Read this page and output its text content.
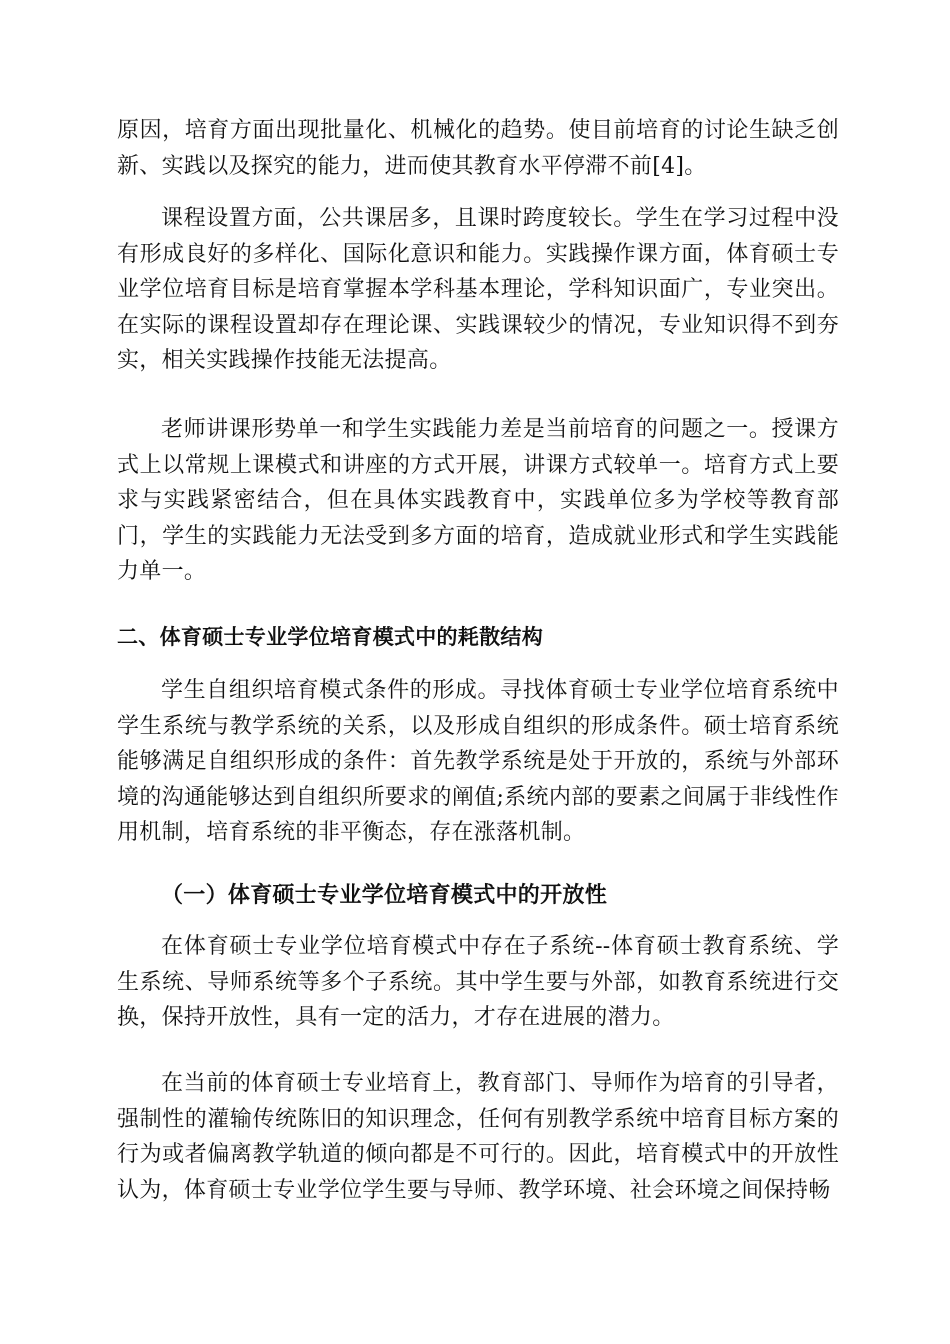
原因，培育方面出现批量化、机械化的趋势。使目前培育的讨论生缺乏创新、实践以及探究的能力，进而使其教育水平停滞不前[4]。

课程设置方面，公共课居多，且课时跨度较长。学生在学习过程中没有形成良好的多样化、国际化意识和能力。实践操作课方面，体育硕士专业学位培育目标是培育掌握本学科基本理论，学科知识面广，专业突出。在实际的课程设置却存在理论课、实践课较少的情况，专业知识得不到夯实，相关实践操作技能无法提高。

老师讲课形势单一和学生实践能力差是当前培育的问题之一。授课方式上以常规上课模式和讲座的方式开展，讲课方式较单一。培育方式上要求与实践紧密结合，但在具体实践教育中，实践单位多为学校等教育部门，学生的实践能力无法受到多方面的培育，造成就业形式和学生实践能力单一。

二、体育硕士专业学位培育模式中的耗散结构

学生自组织培育模式条件的形成。寻找体育硕士专业学位培育系统中学生系统与教学系统的关系，以及形成自组织的形成条件。硕士培育系统能够满足自组织形成的条件：首先教学系统是处于开放的，系统与外部环境的沟通能够达到自组织所要求的阐值;系统内部的要素之间属于非线性作用机制，培育系统的非平衡态，存在涨落机制。

（一）体育硕士专业学位培育模式中的开放性

在体育硕士专业学位培育模式中存在子系统--体育硕士教育系统、学生系统、导师系统等多个子系统。其中学生要与外部，如教育系统进行交换，保持开放性，具有一定的活力，才存在进展的潜力。

在当前的体育硕士专业培育上，教育部门、导师作为培育的引导者，强制性的灌输传统陈旧的知识理念，任何有别教学系统中培育目标方案的行为或者偏离教学轨道的倾向都是不可行的。因此，培育模式中的开放性认为，体育硕士专业学位学生要与导师、教学环境、社会环境之间保持畅
